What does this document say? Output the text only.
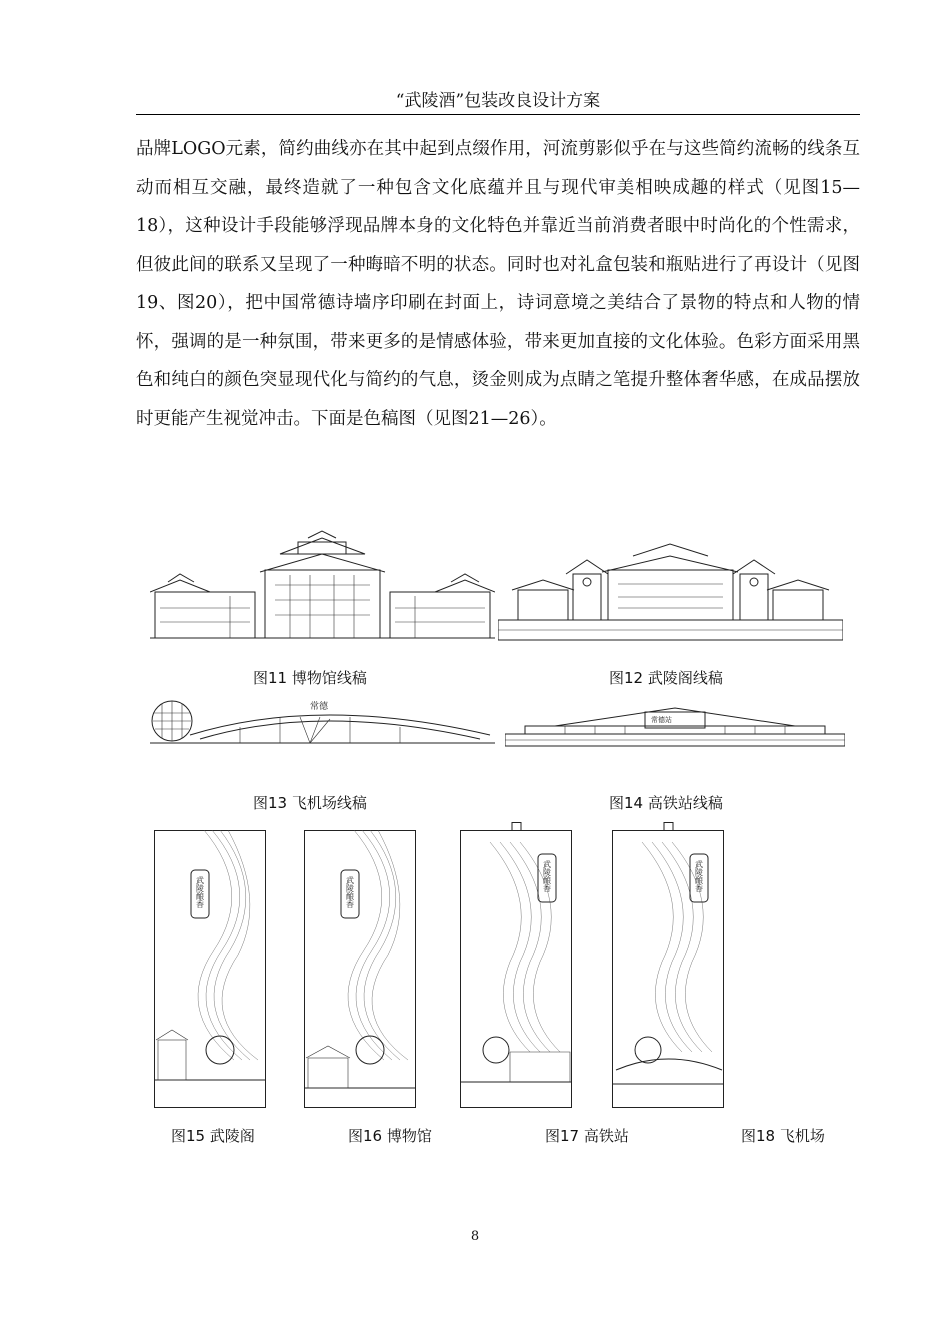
“武陵酒”包装改良设计方案

品牌LOGO元素，简约曲线亦在其中起到点缀作用，河流剪影似乎在与这些简约流畅的线条互动而相互交融，最终造就了一种包含文化底蕴并且与现代审美相映成趣的样式（见图15—18），这种设计手段能够浮现品牌本身的文化特色并靠近当前消费者眼中时尚化的个性需求，但彼此间的联系又呈现了一种晦暗不明的状态。同时也对礼盒包装和瓶贴进行了再设计（见图19、图20），把中国常德诗墙序印刷在封面上，诗词意境之美结合了景物的特点和人物的情怀，强调的是一种氛围，带来更多的是情感体验，带来更加直接的文化体验。色彩方面采用黑色和纯白的颜色突显现代化与简约的气息，烫金则成为点睛之笔提升整体奢华感，在成品摆放时更能产生视觉冲击。下面是色稿图（见图21—26）。

图11 博物馆线稿	图12 武陵阁线稿
常德
图13 飞机场线稿
常德站
图14 高铁站线稿
武陵酿香
图15 武陵阁
武陵酿香
图16 博物馆
武陵酿香
图17 高铁站
武陵酿香
图18 飞机场
8
